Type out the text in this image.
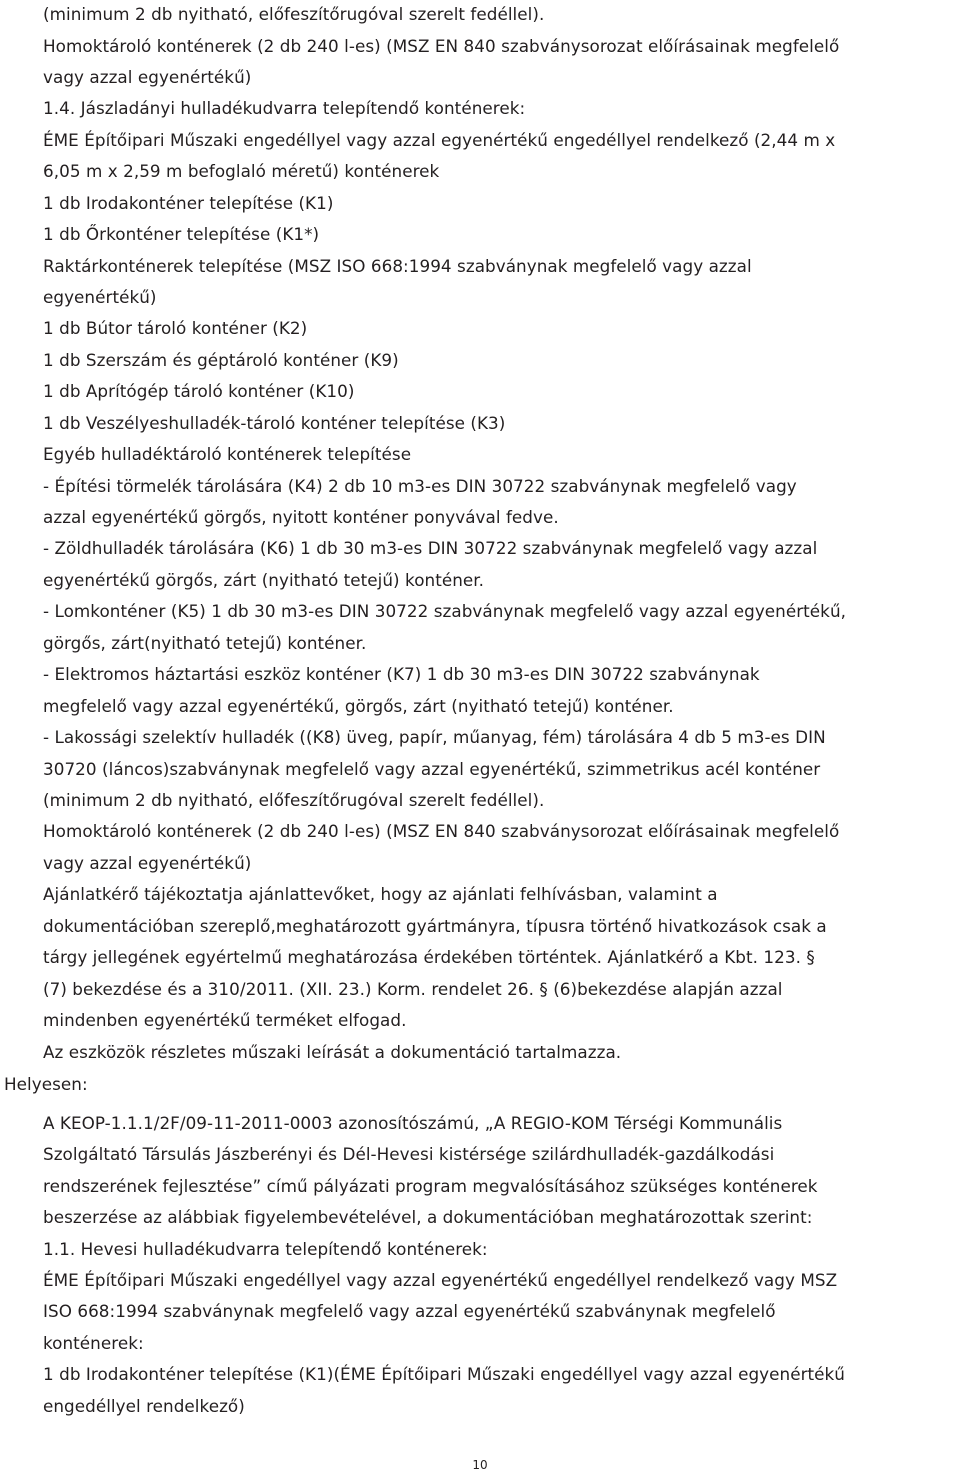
(minimum 2 db nyitható, előfeszítőrugóval szerelt fedéllel).
Homoktároló konténerek (2 db 240 l-es) (MSZ EN 840 szabványsorozat előírásainak megfelelő
vagy azzal egyenértékű)
1.4. Jászladányi hulladékudvarra telepítendő konténerek:
ÉME Építőipari Műszaki engedéllyel vagy azzal egyenértékű engedéllyel rendelkező (2,44 m x
6,05 m x 2,59 m befoglaló méretű) konténerek
1 db Irodakonténer telepítése (K1)
1 db Őrkonténer telepítése (K1*)
Raktárkonténerek telepítése (MSZ ISO 668:1994 szabványnak megfelelő vagy azzal
egyenértékű)
1 db Bútor tároló konténer (K2)
1 db Szerszám és géptároló konténer (K9)
1 db Aprítógép tároló konténer (K10)
1 db Veszélyeshulladék-tároló konténer telepítése (K3)
Egyéb hulladéktároló konténerek telepítése
- Építési törmelék tárolására (K4) 2 db 10 m3-es DIN 30722 szabványnak megfelelő vagy
azzal egyenértékű görgős, nyitott konténer ponyvával fedve.
- Zöldhulladék tárolására (K6) 1 db 30 m3-es DIN 30722 szabványnak megfelelő vagy azzal
egyenértékű görgős, zárt (nyitható tetejű) konténer.
- Lomkonténer (K5) 1 db 30 m3-es DIN 30722 szabványnak megfelelő vagy azzal egyenértékű,
görgős, zárt(nyitható tetejű) konténer.
- Elektromos háztartási eszköz konténer (K7) 1 db 30 m3-es DIN 30722 szabványnak
megfelelő vagy azzal egyenértékű, görgős, zárt (nyitható tetejű) konténer.
- Lakossági szelektív hulladék ((K8) üveg, papír, műanyag, fém) tárolására 4 db 5 m3-es DIN
30720 (láncos)szabványnak megfelelő vagy azzal egyenértékű, szimmetrikus acél konténer
(minimum 2 db nyitható, előfeszítőrugóval szerelt fedéllel).
Homoktároló konténerek (2 db 240 l-es) (MSZ EN 840 szabványsorozat előírásainak megfelelő
vagy azzal egyenértékű)
Ajánlatkérő tájékoztatja ajánlattevőket, hogy az ajánlati felhívásban, valamint a
dokumentációban szereplő,meghatározott gyártmányra, típusra történő hivatkozások csak a
tárgy jellegének egyértelmű meghatározása érdekében történtek. Ajánlatkérő a Kbt. 123. §
(7) bekezdése és a 310/2011. (XII. 23.) Korm. rendelet 26. § (6)bekezdése alapján azzal
mindenben egyenértékű terméket elfogad.
Az eszközök részletes műszaki leírását a dokumentáció tartalmazza.
Helyesen:
A KEOP-1.1.1/2F/09-11-2011-0003 azonosítószámú, „A REGIO-KOM Térségi Kommunális
Szolgáltató Társulás Jászberényi és Dél-Hevesi kistérsége szilárdhulladék-gazdálkodási
rendszerének fejlesztése” című pályázati program megvalósításához szükséges konténerek
beszerzése az alábbiak figyelembevételével, a dokumentációban meghatározottak szerint:
1.1. Hevesi hulladékudvarra telepítendő konténerek:
ÉME Építőipari Műszaki engedéllyel vagy azzal egyenértékű engedéllyel rendelkező vagy MSZ
ISO 668:1994 szabványnak megfelelő vagy azzal egyenértékű szabványnak megfelelő
konténerek:
1 db Irodakonténer telepítése (K1)(ÉME Építőipari Műszaki engedéllyel vagy azzal egyenértékű
engedéllyel rendelkező)
10
